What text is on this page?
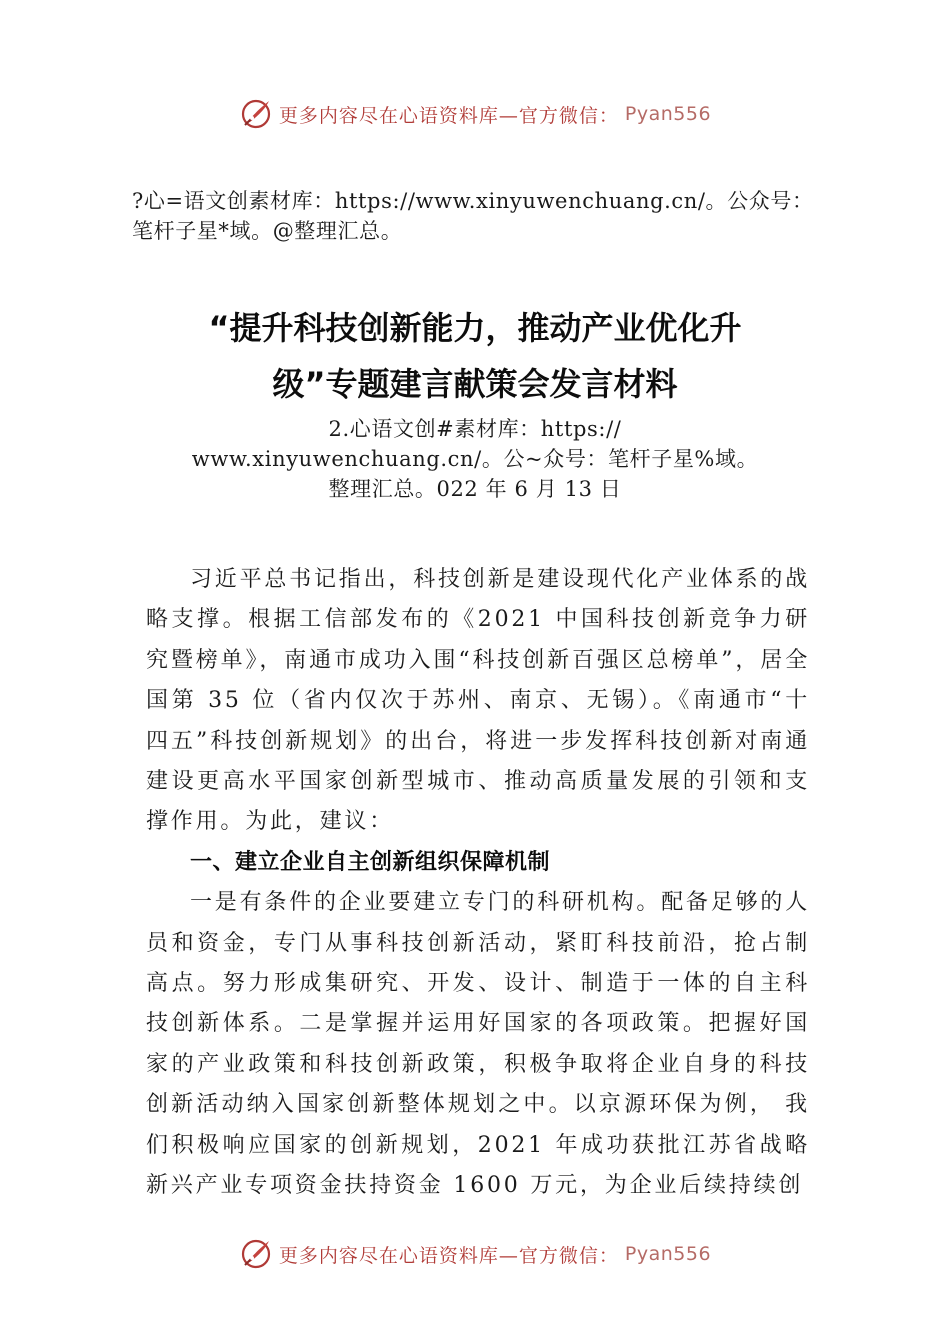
更多内容尽在心语资料库—官方微信： Pyan556
?心=语文创素材库：https://www.xinyuwenchuang.cn/。公众号：笔杆子星*域。@整理汇总。
“提升科技创新能力，推动产业优化升
级”专题建言献策会发言材料
2.心语文创#素材库：https://
www.xinyuwenchuang.cn/。公~众号：笔杆子星%域。
整理汇总。022 年 6 月 13 日

习近平总书记指出，科技创新是建设现代化产业体系的战略支撑。根据工信部发布的《2021 中国科技创新竞争力研究暨榜单》，南通市成功入围“科技创新百强区总榜单”，居全国第 35 位（省内仅次于苏州、南京、无锡）。《南通市“十四五”科技创新规划》的出台，将进一步发挥科技创新对南通建设更高水平国家创新型城市、推动高质量发展的引领和支撑作用。为此，建议：

一、建立企业自主创新组织保障机制

一是有条件的企业要建立专门的科研机构。配备足够的人员和资金，专门从事科技创新活动，紧盯科技前沿，抢占制高点。努力形成集研究、开发、设计、制造于一体的自主科技创新体系。二是掌握并运用好国家的各项政策。把握好国家的产业政策和科技创新政策，积极争取将企业自身的科技创新活动纳入国家创新整体规划之中。以京源环保为例， 我们积极响应国家的创新规划，2021 年成功获批江苏省战略新兴产业专项资金扶持资金 1600 万元，为企业后续持续创

更多内容尽在心语资料库—官方微信： Pyan556
